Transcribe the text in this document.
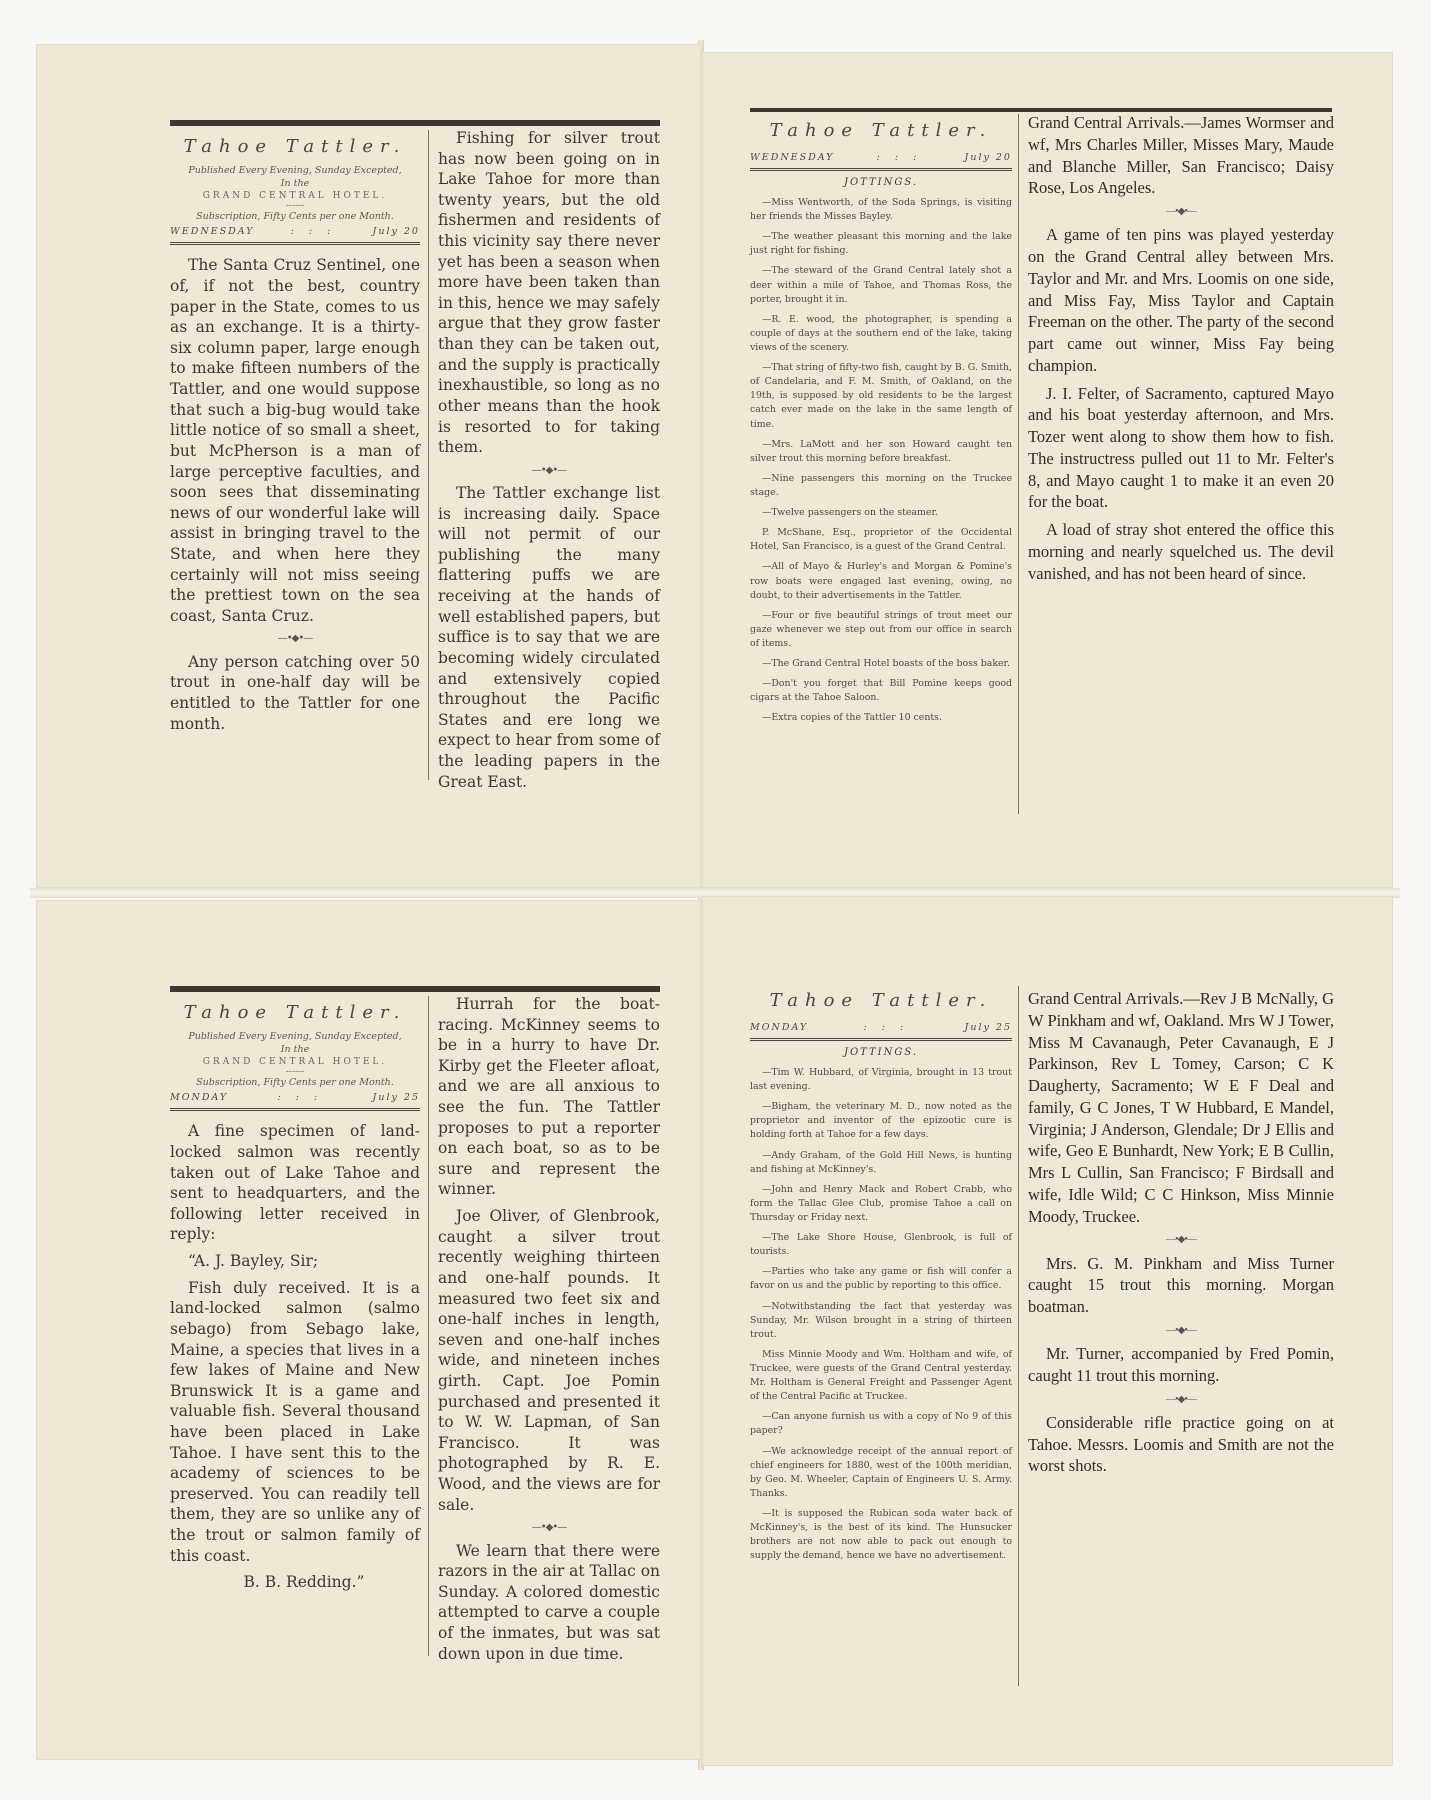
Tahoe Tattler.
Published Every Evening, Sunday Excepted,
In the
GRAND CENTRAL HOTEL.
------
Subscription, Fifty Cents per one Month.
WEDNESDAY	: : :	July 20

The Santa Cruz Sentinel, one of, if not the best, country paper in the State, comes to us as an exchange. It is a thirty-six column paper, large enough to make fifteen numbers of the Tattler, and one would suppose that such a big-bug would take little notice of so small a sheet, but McPherson is a man of large perceptive faculties, and soon sees that disseminating news of our wonderful lake will assist in bringing travel to the State, and when here they certainly will not miss seeing the prettiest town on the sea coast, Santa Cruz.

—•◆•—

Any person catching over 50 trout in one-half day will be entitled to the Tattler for one month.

Fishing for silver trout has now been going on in Lake Tahoe for more than twenty years, but the old fishermen and residents of this vicinity say there never yet has been a season when more have been taken than in this, hence we may safely argue that they grow faster than they can be taken out, and the supply is practically inexhaustible, so long as no other means than the hook is resorted to for taking them.

—•◆•—

The Tattler exchange list is increasing daily. Space will not permit of our publishing the many flattering puffs we are receiving at the hands of well established papers, but suffice is to say that we are becoming widely circulated and extensively copied throughout the Pacific States and ere long we expect to hear from some of the leading papers in the Great East.

Tahoe Tattler.
WEDNESDAY	: : :	July 20
JOTTINGS.

—Miss Wentworth, of the Soda Springs, is visiting her friends the Misses Bayley.

—The weather pleasant this morning and the lake just right for fishing.

—The steward of the Grand Central lately shot a deer within a mile of Tahoe, and Thomas Ross, the porter, brought it in.

—R. E. wood, the photographer, is spending a couple of days at the southern end of the lake, taking views of the scenery.

—That string of fifty-two fish, caught by B. G. Smith, of Candelaria, and F. M. Smith, of Oakland, on the 19th, is supposed by old residents to be the largest catch ever made on the lake in the same length of time.

—Mrs. LaMott and her son Howard caught ten silver trout this morning before breakfast.

—Nine passengers this morning on the Truckee stage.

—Twelve passengers on the steamer.

P. McShane, Esq., proprietor of the Occidental Hotel, San Francisco, is a guest of the Grand Central.

—All of Mayo & Hurley's and Morgan & Pomine's row boats were engaged last evening, owing, no doubt, to their advertisements in the Tattler.

—Four or five beautiful strings of trout meet our gaze whenever we step out from our office in search of items.

—The Grand Central Hotel boasts of the boss baker.

—Don't you forget that Bill Pomine keeps good cigars at the Tahoe Saloon.

—Extra copies of the Tattler 10 cents.

Grand Central Arrivals.—James Wormser and wf, Mrs Charles Miller, Misses Mary, Maude and Blanche Miller, San Francisco; Daisy Rose, Los Angeles.

—•◆•—

A game of ten pins was played yesterday on the Grand Central alley between Mrs. Taylor and Mr. and Mrs. Loomis on one side, and Miss Fay, Miss Taylor and Captain Freeman on the other. The party of the second part came out winner, Miss Fay being champion.

J. I. Felter, of Sacramento, captured Mayo and his boat yesterday afternoon, and Mrs. Tozer went along to show them how to fish. The instructress pulled out 11 to Mr. Felter's 8, and Mayo caught 1 to make it an even 20 for the boat.

A load of stray shot entered the office this morning and nearly squelched us. The devil vanished, and has not been heard of since.

Tahoe Tattler.
Published Every Evening, Sunday Excepted,
In the
GRAND CENTRAL HOTEL.
------
Subscription, Fifty Cents per one Month.
MONDAY	: : :	July 25

A fine specimen of land-locked salmon was recently taken out of Lake Tahoe and sent to headquarters, and the following letter received in reply:

“A. J. Bayley, Sir;

Fish duly received. It is a land-locked salmon (salmo sebago) from Sebago lake, Maine, a species that lives in a few lakes of Maine and New Brunswick It is a game and valuable fish. Several thousand have been placed in Lake Tahoe. I have sent this to the academy of sciences to be preserved. You can readily tell them, they are so unlike any of the trout or salmon family of this coast.

B. B. Redding.”

Hurrah for the boat-racing. McKinney seems to be in a hurry to have Dr. Kirby get the Fleeter afloat, and we are all anxious to see the fun. The Tattler proposes to put a reporter on each boat, so as to be sure and represent the winner.

Joe Oliver, of Glenbrook, caught a silver trout recently weighing thirteen and one-half pounds. It measured two feet six and one-half inches in length, seven and one-half inches wide, and nineteen inches girth. Capt. Joe Pomin purchased and presented it to W. W. Lapman, of San Francisco. It was photographed by R. E. Wood, and the views are for sale.

—•◆•—

We learn that there were razors in the air at Tallac on Sunday. A colored domestic attempted to carve a couple of the inmates, but was sat down upon in due time.

Tahoe Tattler.
MONDAY	: : :	July 25
JOTTINGS.

—Tim W. Hubbard, of Virginia, brought in 13 trout last evening.

—Bigham, the veterinary M. D., now noted as the proprietor and inventor of the epizootic cure is holding forth at Tahoe for a few days.

—Andy Graham, of the Gold Hill News, is hunting and fishing at McKinney's.

—John and Henry Mack and Robert Crabb, who form the Tallac Glee Club, promise Tahoe a call on Thursday or Friday next.

—The Lake Shore House, Glenbrook, is full of tourists.

—Parties who take any game or fish will confer a favor on us and the public by reporting to this office.

—Notwithstanding the fact that yesterday was Sunday, Mr. Wilson brought in a string of thirteen trout.

Miss Minnie Moody and Wm. Holtham and wife, of Truckee, were guests of the Grand Central yesterday. Mr. Holtham is General Freight and Passenger Agent of the Central Pacific at Truckee.

—Can anyone furnish us with a copy of No 9 of this paper?

—We acknowledge receipt of the annual report of chief engineers for 1880, west of the 100th meridian, by Geo. M. Wheeler, Captain of Engineers U. S. Army. Thanks.

—It is supposed the Rubican soda water back of McKinney's, is the best of its kind. The Hunsucker brothers are not now able to pack out enough to supply the demand, hence we have no advertisement.

Grand Central Arrivals.—Rev J B McNally, G W Pinkham and wf, Oakland. Mrs W J Tower, Miss M Cavanaugh, Peter Cavanaugh, E J Parkinson, Rev L Tomey, Carson; C K Daugherty, Sacramento; W E F Deal and family, G C Jones, T W Hubbard, E Mandel, Virginia; J Anderson, Glendale; Dr J Ellis and wife, Geo E Bunhardt, New York; E B Cullin, Mrs L Cullin, San Francisco; F Birdsall and wife, Idle Wild; C C Hinkson, Miss Minnie Moody, Truckee.

—•◆•—

Mrs. G. M. Pinkham and Miss Turner caught 15 trout this morning. Morgan boatman.

—•◆•—

Mr. Turner, accompanied by Fred Pomin, caught 11 trout this morning.

—•◆•—

Considerable rifle practice going on at Tahoe. Messrs. Loomis and Smith are not the worst shots.
